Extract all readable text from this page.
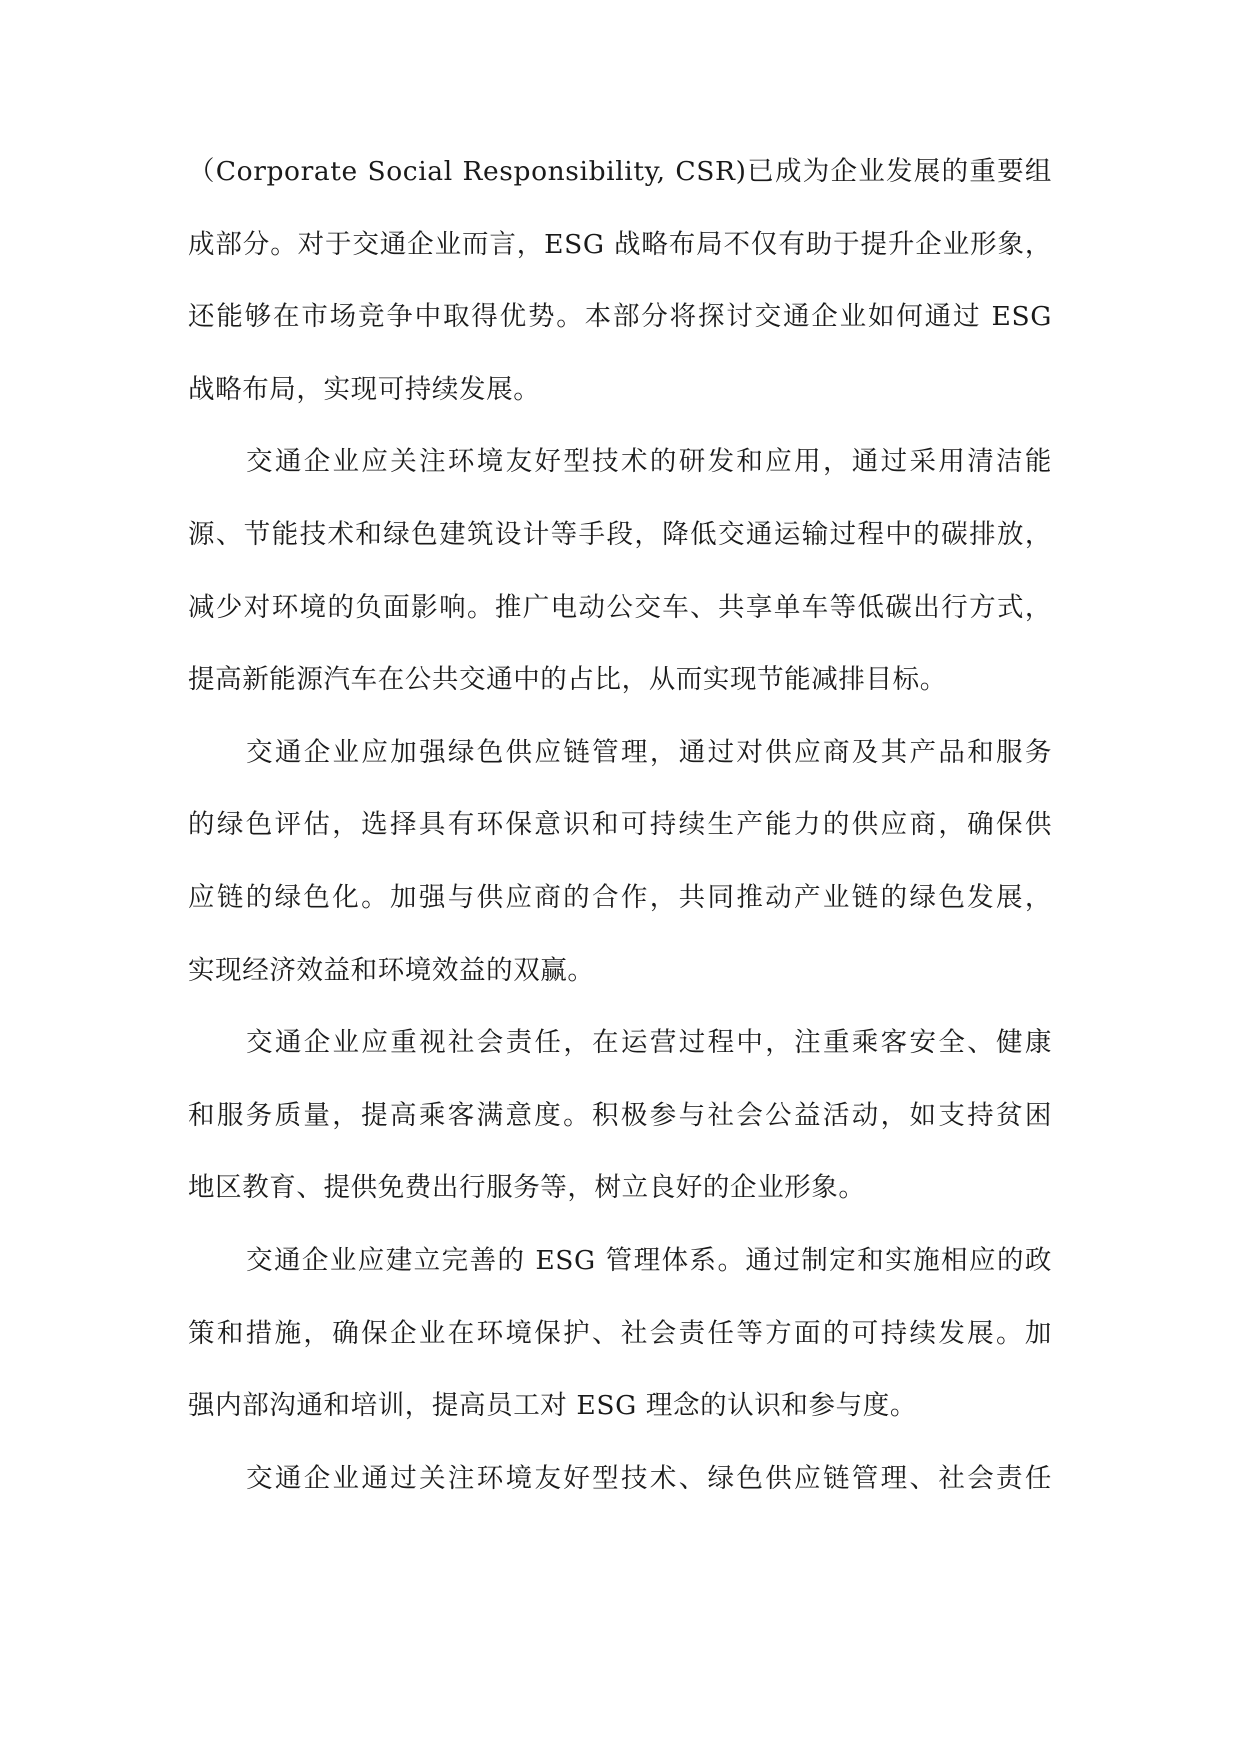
（Corporate Social Responsibility, CSR)已成为企业发展的重要组
成部分。对于交通企业而言，ESG 战略布局不仅有助于提升企业形象，
还能够在市场竞争中取得优势。本部分将探讨交通企业如何通过 ESG
战略布局，实现可持续发展。
交通企业应关注环境友好型技术的研发和应用，通过采用清洁能
源、节能技术和绿色建筑设计等手段，降低交通运输过程中的碳排放，
减少对环境的负面影响。推广电动公交车、共享单车等低碳出行方式，
提高新能源汽车在公共交通中的占比，从而实现节能减排目标。
交通企业应加强绿色供应链管理，通过对供应商及其产品和服务
的绿色评估，选择具有环保意识和可持续生产能力的供应商，确保供
应链的绿色化。加强与供应商的合作，共同推动产业链的绿色发展，
实现经济效益和环境效益的双赢。
交通企业应重视社会责任，在运营过程中，注重乘客安全、健康
和服务质量，提高乘客满意度。积极参与社会公益活动，如支持贫困
地区教育、提供免费出行服务等，树立良好的企业形象。
交通企业应建立完善的 ESG 管理体系。通过制定和实施相应的政
策和措施，确保企业在环境保护、社会责任等方面的可持续发展。加
强内部沟通和培训，提高员工对 ESG 理念的认识和参与度。
交通企业通过关注环境友好型技术、绿色供应链管理、社会责任
